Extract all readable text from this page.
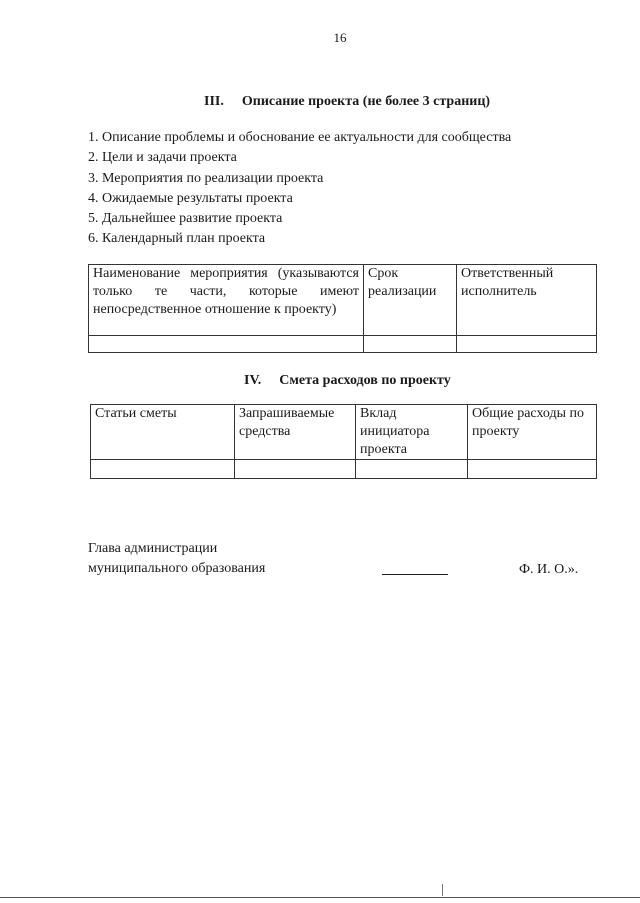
16
III. Описание проекта (не более 3 страниц)
1. Описание проблемы и обоснование ее актуальности для сообщества
2. Цели и задачи проекта
3. Мероприятия по реализации проекта
4. Ожидаемые результаты проекта
5. Дальнейшее развитие проекта
6. Календарный план проекта
Наименование мероприятия (указываются только те части, которые имеют непосредственное отношение к проекту)	Срок реализации	Ответственный исполнитель

IV. Смета расходов по проекту
Статьи сметы	Запрашиваемые средства	Вклад инициатора проекта	Общие расходы по проекту

Глава администрации
муниципального образования	Ф. И. О.».
